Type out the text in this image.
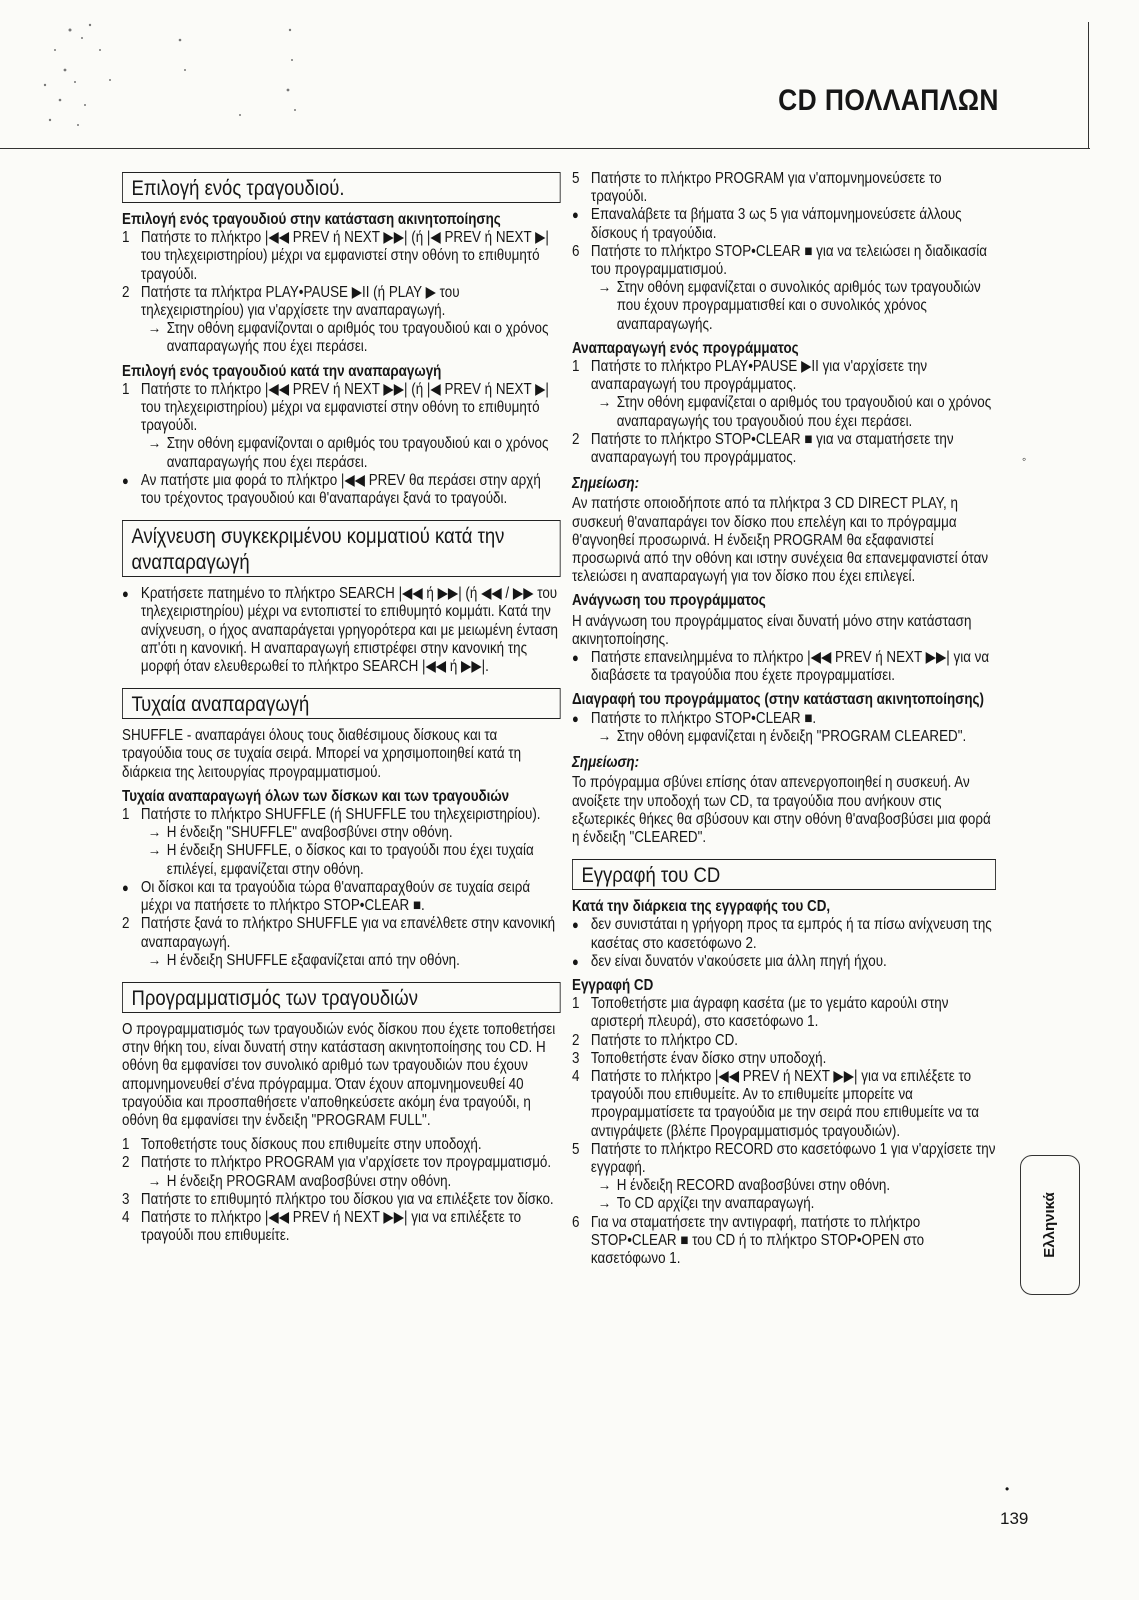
CD ΠΟΛΛΑΠΛΩΝ
Επιλογή ενός τραγουδιού.
Επιλογή ενός τραγουδιού στην κατάσταση ακινητοποίησης
1 Πατήστε το πλήκτρο |◀◀ PREV ή NEXT ▶▶| (ή |◀ PREV ή NEXT ▶| του τηλεχειριστηρίου) μέχρι να εμφανιστεί στην οθόνη το επιθυμητό τραγούδι.
2 Πατήστε τα πλήκτρα PLAY•PAUSE ▶II (ή PLAY ▶ του τηλεχειριστηρίου) για ν'αρχίσετε την αναπαραγωγή.
→ Στην οθόνη εμφανίζονται ο αριθμός του τραγουδιού και ο χρόνος αναπαραγωγής που έχει περάσει.
Επιλογή ενός τραγουδιού κατά την αναπαραγωγή
1 Πατήστε το πλήκτρο |◀◀ PREV ή NEXT ▶▶| (ή |◀ PREV ή NEXT ▶| του τηλεχειριστηρίου) μέχρι να εμφανιστεί στην οθόνη το επιθυμητό τραγούδι.
→ Στην οθόνη εμφανίζονται ο αριθμός του τραγουδιού και ο χρόνος αναπαραγωγής που έχει περάσει.
● Αν πατήστε μια φορά το πλήκτρο |◀◀ PREV θα περάσει στην αρχή του τρέχοντος τραγουδιού και θ'αναπαράγει ξανά το τραγούδι.
Ανίχνευση συγκεκριμένου κομματιού κατά την αναπαραγωγή
● Κρατήσετε πατημένο το πλήκτρο SEARCH |◀◀ ή ▶▶| (ή ◀◀ / ▶▶ του τηλεχειριστηρίου) μέχρι να εντοπιστεί το επιθυμητό κομμάτι. Κατά την ανίχνευση, ο ήχος αναπαράγεται γρηγορότερα και με μειωμένη ένταση απ'ότι η κανονική. Η αναπαραγωγή επιστρέφει στην κανονική της μορφή όταν ελευθερωθεί το πλήκτρο SEARCH |◀◀ ή ▶▶|.
Τυχαία αναπαραγωγή
SHUFFLE - αναπαράγει όλους τους διαθέσιμους δίσκους και τα τραγούδια τους σε τυχαία σειρά. Μπορεί να χρησιμοποιηθεί κατά τη διάρκεια της λειτουργίας προγραμματισμού.
Τυχαία αναπαραγωγή όλων των δίσκων και των τραγουδιών
1 Πατήστε το πλήκτρο SHUFFLE (ή SHUFFLE του τηλεχειριστηρίου).
→ Η ένδειξη "SHUFFLE" αναβοσβύνει στην οθόνη.
→ Η ένδειξη SHUFFLE, ο δίσκος και το τραγούδι που έχει τυχαία επιλέγεί, εμφανίζεται στην οθόνη.
● Οι δίσκοι και τα τραγούδια τώρα θ'αναπαραχθούν σε τυχαία σειρά μέχρι να πατήσετε το πλήκτρο STOP•CLEAR ■.
2 Πατήστε ξανά το πλήκτρο SHUFFLE για να επανέλθετε στην κανονική αναπαραγωγή.
→ Η ένδειξη SHUFFLE εξαφανίζεται από την οθόνη.
Προγραμματισμός των τραγουδιών
Ο προγραμματισμός των τραγουδιών ενός δίσκου που έχετε τοποθετήσει στην θήκη του, είναι δυνατή στην κατάσταση ακινητοποίησης του CD. Η οθόνη θα εμφανίσει τον συνολικό αριθμό των τραγουδιών που έχουν απομνημονευθεί σ'ένα πρόγραμμα. Όταν έχουν απομνημονευθεί 40 τραγούδια και προσπαθήσετε ν'αποθηκεύσετε ακόμη ένα τραγούδι, η οθόνη θα εμφανίσει την ένδειξη "PROGRAM FULL".
1 Τοποθετήστε τους δίσκους που επιθυμείτε στην υποδοχή.
2 Πατήστε το πλήκτρο PROGRAM για ν'αρχίσετε τον προγραμματισμό.
→ Η ένδειξη PROGRAM αναβοσβύνει στην οθόνη.
3 Πατήστε το επιθυμητό πλήκτρο του δίσκου για να επιλέξετε τον δίσκο.
4 Πατήστε το πλήκτρο |◀◀ PREV ή NEXT ▶▶| για να επιλέξετε το τραγούδι που επιθυμείτε.
5 Πατήστε το πλήκτρο PROGRAM για ν'απομνημονεύσετε το τραγούδι.
● Επαναλάβετε τα βήματα 3 ως 5 για νάπομνημονεύσετε άλλους δίσκους ή τραγούδια.
6 Πατήστε το πλήκτρο STOP•CLEAR ■ για να τελειώσει η διαδικασία του προγραμματισμού.
→ Στην οθόνη εμφανίζεται ο συνολικός αριθμός των τραγουδιών που έχουν προγραμματισθεί και ο συνολικός χρόνος αναπαραγωγής.
Αναπαραγωγή ενός προγράμματος
1 Πατήστε το πλήκτρο PLAY•PAUSE ▶II για ν'αρχίσετε την αναπαραγωγή του προγράμματος.
→ Στην οθόνη εμφανίζεται ο αριθμός του τραγουδιού και ο χρόνος αναπαραγωγής του τραγουδιού που έχει περάσει.
2 Πατήστε το πλήκτρο STOP•CLEAR ■ για να σταματήσετε την αναπαραγωγή του προγράμματος.
Σημείωση:
Αν πατήστε οποιοδήποτε από τα πλήκτρα 3 CD DIRECT PLAY, η συσκευή θ'αναπαράγει τον δίσκο που επελέγη και το πρόγραμμα θ'αγνοηθεί προσωρινά. Η ένδειξη PROGRAM θα εξαφανιστεί προσωρινά από την οθόνη και ιστην συνέχεια θα επανεμφανιστεί όταν τελειώσει η αναπαραγωγή για τον δίσκο που έχει επιλεγεί.
Ανάγνωση του προγράμματος
Η ανάγνωση του προγράμματος είναι δυνατή μόνο στην κατάσταση ακινητοποίησης.
● Πατήστε επανειλημμένα το πλήκτρο |◀◀ PREV ή NEXT ▶▶| για να διαβάσετε τα τραγούδια που έχετε προγραμματίσει.
Διαγραφή του προγράμματος (στην κατάσταση ακινητοποίησης)
● Πατήστε το πλήκτρο STOP•CLEAR ■.
→ Στην οθόνη εμφανίζεται η ένδειξη "PROGRAM CLEARED".
Σημείωση:
Το πρόγραμμα σβύνει επίσης όταν απενεργοποιηθεί η συσκευή. Αν ανοίξετε την υποδοχή των CD, τα τραγούδια που ανήκουν στις εξωτερικές θήκες θα σβύσουν και στην οθόνη θ'αναβοσβύσει μια φορά η ένδειξη "CLEARED".
Εγγραφή του CD
Κατά την διάρκεια της εγγραφής του CD,
● δεν συνιστάται η γρήγορη προς τα εμπρός ή τα πίσω ανίχνευση της κασέτας στο κασετόφωνο 2.
● δεν είναι δυνατόν ν'ακούσετε μια άλλη πηγή ήχου.
Εγγραφή CD
1 Τοποθετήστε μια άγραφη κασέτα (με το γεμάτο καρούλι στην αριστερή πλευρά), στο κασετόφωνο 1.
2 Πατήστε το πλήκτρο CD.
3 Τοποθετήστε έναν δίσκο στην υποδοχή.
4 Πατήστε το πλήκτρο |◀◀ PREV ή NEXT ▶▶| για να επιλέξετε το τραγούδι που επιθυμείτε. Αν το επιθυμείτε μπορείτε να προγραμματίσετε τα τραγούδια με την σειρά που επιθυμείτε να τα αντιγράψετε (βλέπε Προγραμματισμός τραγουδιών).
5 Πατήστε το πλήκτρο RECORD στο κασετόφωνο 1 για ν'αρχίσετε την εγγραφή.
→ Η ένδειξη RECORD αναβοσβύνει στην οθόνη.
→ Το CD αρχίζει την αναπαραγωγή.
6 Για να σταματήσετε την αντιγραφή, πατήστε το πλήκτρο STOP•CLEAR ■ του CD ή το πλήκτρο STOP•OPEN στο κασετόφωνο 1.
Ελληνικά
◦
•
139
